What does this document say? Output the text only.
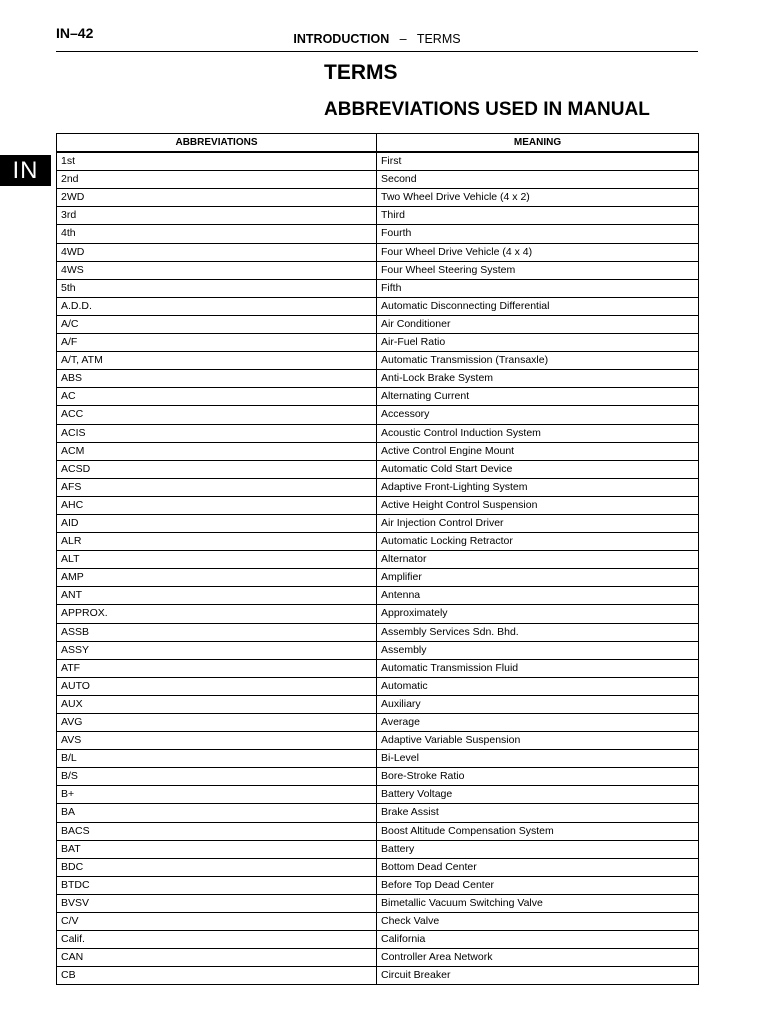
IN–42	INTRODUCTION – TERMS
TERMS
ABBREVIATIONS USED IN MANUAL
IN
ABBREVIATIONS	MEANING
1st	First
2nd	Second
2WD	Two Wheel Drive Vehicle (4 x 2)
3rd	Third
4th	Fourth
4WD	Four Wheel Drive Vehicle (4 x 4)
4WS	Four Wheel Steering System
5th	Fifth
A.D.D.	Automatic Disconnecting Differential
A/C	Air Conditioner
A/F	Air-Fuel Ratio
A/T, ATM	Automatic Transmission (Transaxle)
ABS	Anti-Lock Brake System
AC	Alternating Current
ACC	Accessory
ACIS	Acoustic Control Induction System
ACM	Active Control Engine Mount
ACSD	Automatic Cold Start Device
AFS	Adaptive Front-Lighting System
AHC	Active Height Control Suspension
AID	Air Injection Control Driver
ALR	Automatic Locking Retractor
ALT	Alternator
AMP	Amplifier
ANT	Antenna
APPROX.	Approximately
ASSB	Assembly Services Sdn. Bhd.
ASSY	Assembly
ATF	Automatic Transmission Fluid
AUTO	Automatic
AUX	Auxiliary
AVG	Average
AVS	Adaptive Variable Suspension
B/L	Bi-Level
B/S	Bore-Stroke Ratio
B+	Battery Voltage
BA	Brake Assist
BACS	Boost Altitude Compensation System
BAT	Battery
BDC	Bottom Dead Center
BTDC	Before Top Dead Center
BVSV	Bimetallic Vacuum Switching Valve
C/V	Check Valve
Calif.	California
CAN	Controller Area Network
CB	Circuit Breaker
